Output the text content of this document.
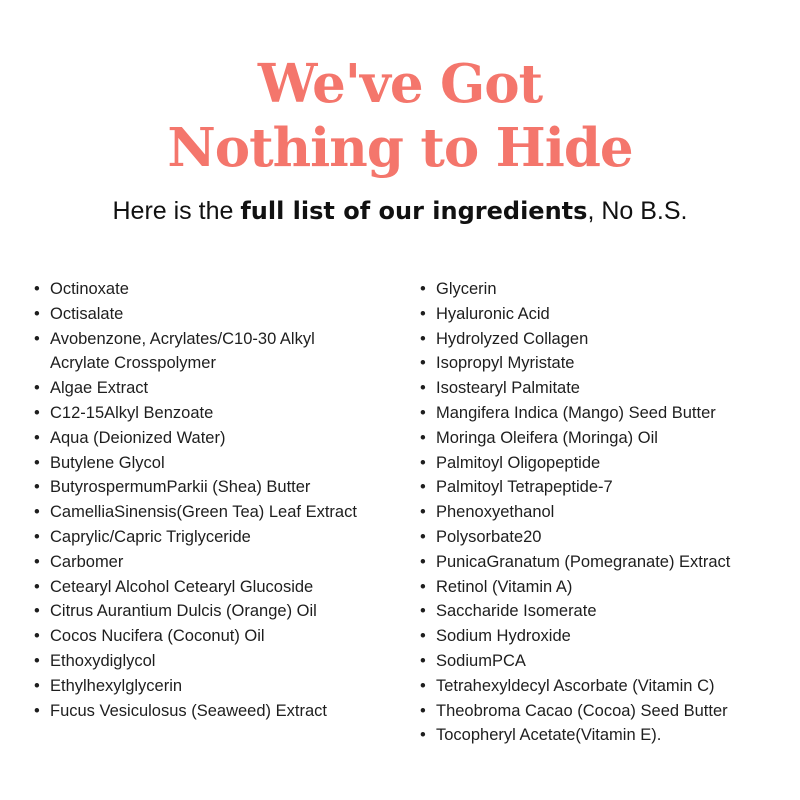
We've Got
Nothing to Hide
Here is the full list of our ingredients, No B.S.
• Octinoxate
• Octisalate
• Avobenzone, Acrylates/C10-30 Alkyl Acrylate Crosspolymer
• Algae Extract
• C12-15Alkyl Benzoate
• Aqua (Deionized Water)
• Butylene Glycol
• ButyrospermumParkii (Shea) Butter
• CamelliaSinensis(Green Tea) Leaf Extract
• Caprylic/Capric Triglyceride
• Carbomer
• Cetearyl Alcohol Cetearyl Glucoside
• Citrus Aurantium Dulcis (Orange) Oil
• Cocos Nucifera (Coconut) Oil
• Ethoxydiglycol
• Ethylhexylglycerin
• Fucus Vesiculosus (Seaweed) Extract
• Glycerin
• Hyaluronic Acid
• Hydrolyzed Collagen
• Isopropyl Myristate
• Isostearyl Palmitate
• Mangifera Indica (Mango) Seed Butter
• Moringa Oleifera (Moringa) Oil
• Palmitoyl Oligopeptide
• Palmitoyl Tetrapeptide-7
• Phenoxyethanol
• Polysorbate20
• PunicaGranatum (Pomegranate) Extract
• Retinol (Vitamin A)
• Saccharide Isomerate
• Sodium Hydroxide
• SodiumPCA
• Tetrahexyldecyl Ascorbate (Vitamin C)
• Theobroma Cacao (Cocoa) Seed Butter
• Tocopheryl Acetate(Vitamin E).
